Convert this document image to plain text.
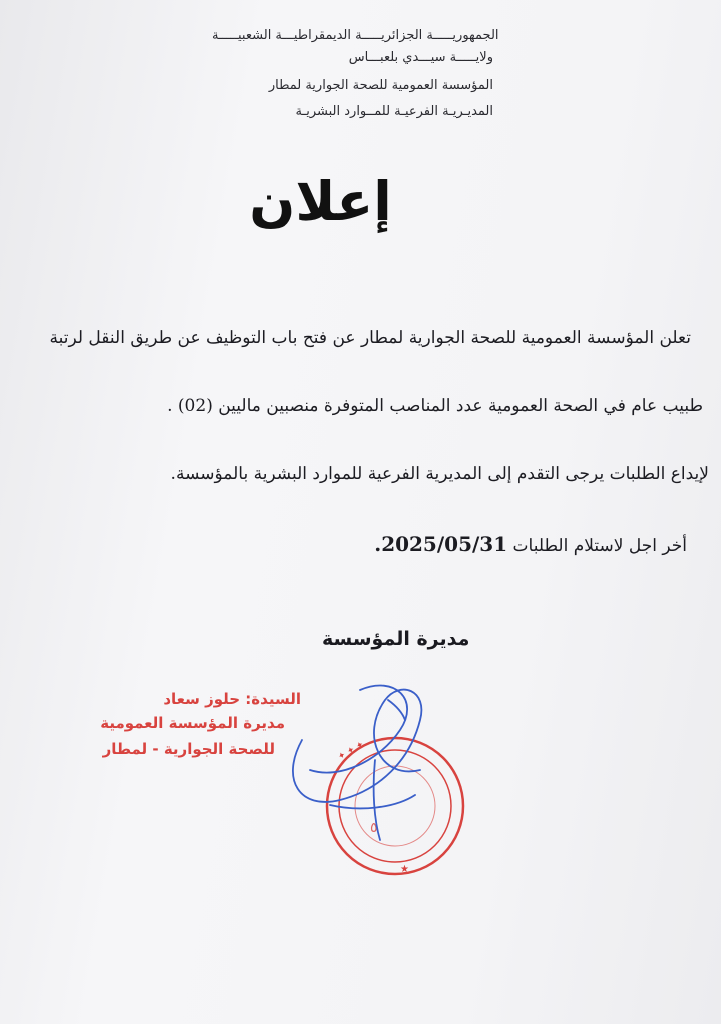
الجمهوريـــــة الجزائريـــــة الديمقراطيـــة الشعبيـــــة
ولايـــــة سيـــدي بلعبـــاس
المؤسسة العمومية للصحة الجوارية لمطار
المديـريـة الفرعيـة للمــوارد البشريـة
إعلان
تعلن المؤسسة العمومية للصحة الجوارية لمطار عن فتح باب التوظيف عن طريق النقل لرتبة
طبيب عام في الصحة العمومية عدد المناصب المتوفرة منصبين ماليين (02) .
لإيداع الطلبات يرجى التقدم إلى المديرية الفرعية للموارد البشرية بالمؤسسة.
أخر اجل لاستلام الطلبات 2025/05/31.
مديرة المؤسسة
✦ ✦ ✦
★
٥
السيدة: حلوز سعاد
مديرة المؤسسة العمومية
للصحة الجوارية - لمطار
